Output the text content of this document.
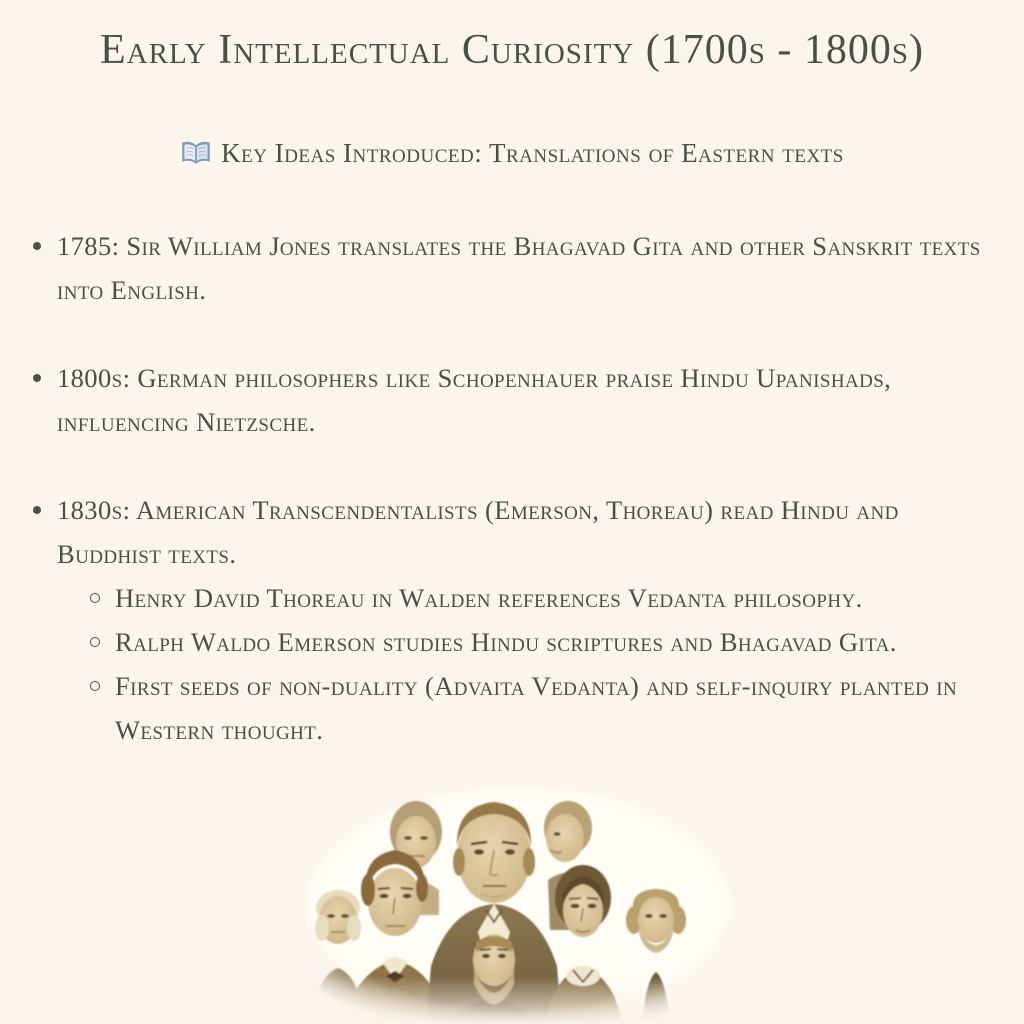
Early Intellectual Curiosity (1700s - 1800s)
Key Ideas Introduced: Translations of Eastern texts
1785: Sir William Jones translates the Bhagavad Gita and other Sanskrit texts into English.
1800s: German philosophers like Schopenhauer praise Hindu Upanishads, influencing Nietzsche.
1830s: American Transcendentalists (Emerson, Thoreau) read Hindu and Buddhist texts.
Henry David Thoreau in Walden references Vedanta philosophy.
Ralph Waldo Emerson studies Hindu scriptures and Bhagavad Gita.
First seeds of non-duality (Advaita Vedanta) and self-inquiry planted in Western thought.
